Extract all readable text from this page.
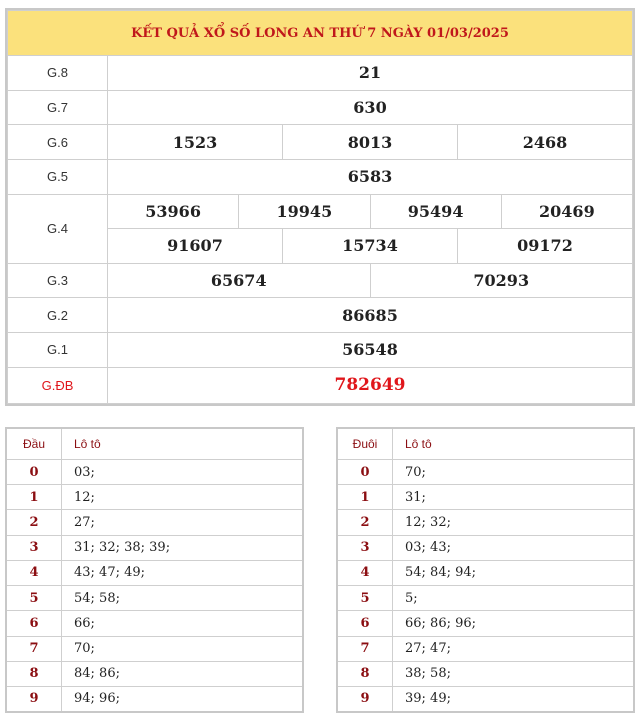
KẾT QUẢ XỔ SỐ LONG AN THỨ 7 NGÀY 01/03/2025						
G.8	21					
G.7	630					
G.6	1523		8013		2468	
G.5	6583					
G.4	53966	19945		95494		20469
	91607		15734		09172	
G.3	65674			70293		
G.2	86685					
G.1	56548					
G.ĐB	782649					
Đầu	Lô tô
0	03;
1	12;
2	27;
3	31; 32; 38; 39;
4	43; 47; 49;
5	54; 58;
6	66;
7	70;
8	84; 86;
9	94; 96;
Đuôi	Lô tô
0	70;
1	31;
2	12; 32;
3	03; 43;
4	54; 84; 94;
5	5;
6	66; 86; 96;
7	27; 47;
8	38; 58;
9	39; 49;
